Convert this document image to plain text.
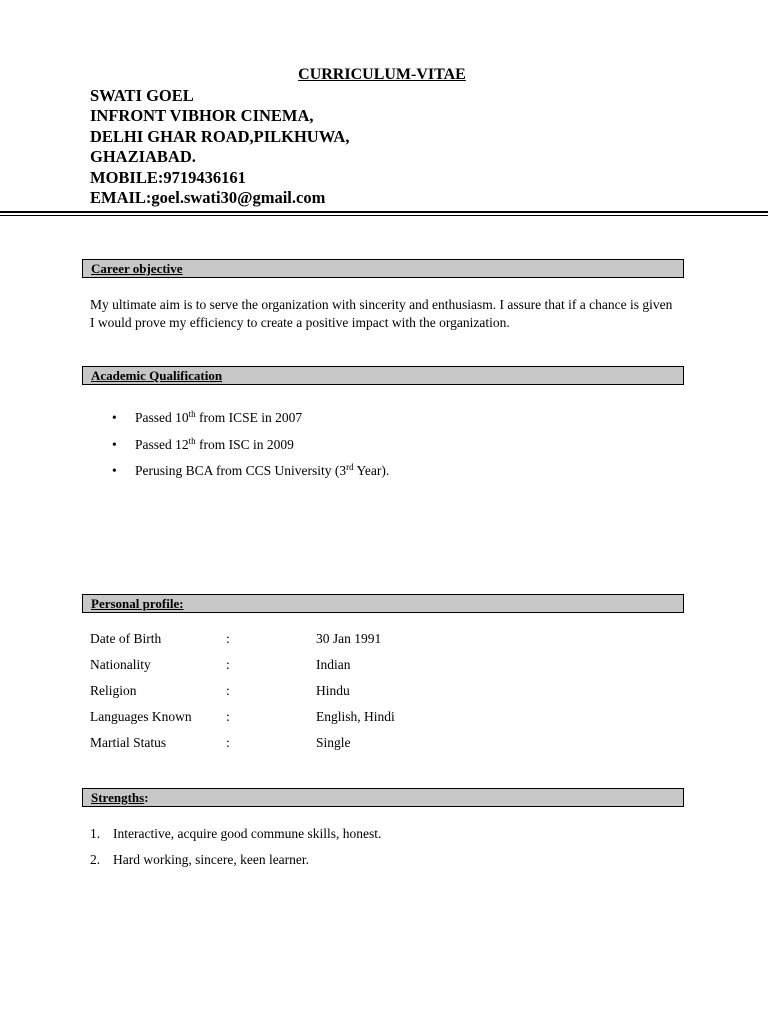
CURRICULUM-VITAE
SWATI GOEL
INFRONT VIBHOR CINEMA,
DELHI GHAR ROAD,PILKHUWA,
GHAZIABAD.
MOBILE:9719436161
EMAIL:goel.swati30@gmail.com
Career objective
My ultimate aim is to serve the organization with sincerity and enthusiasm. I assure that if a chance is given I would prove my efficiency to create a positive impact with the organization.
Academic Qualification
• Passed 10th from ICSE in 2007
• Passed 12th from ISC in 2009
• Perusing BCA from CCS University (3rd Year).
Personal profile:
Date of Birth	:	30 Jan 1991
Nationality	:	Indian
Religion	:	Hindu
Languages Known	:	English, Hindi
Martial Status	:	Single
Strengths:
1. Interactive, acquire good commune skills, honest.
2. Hard working, sincere, keen learner.
